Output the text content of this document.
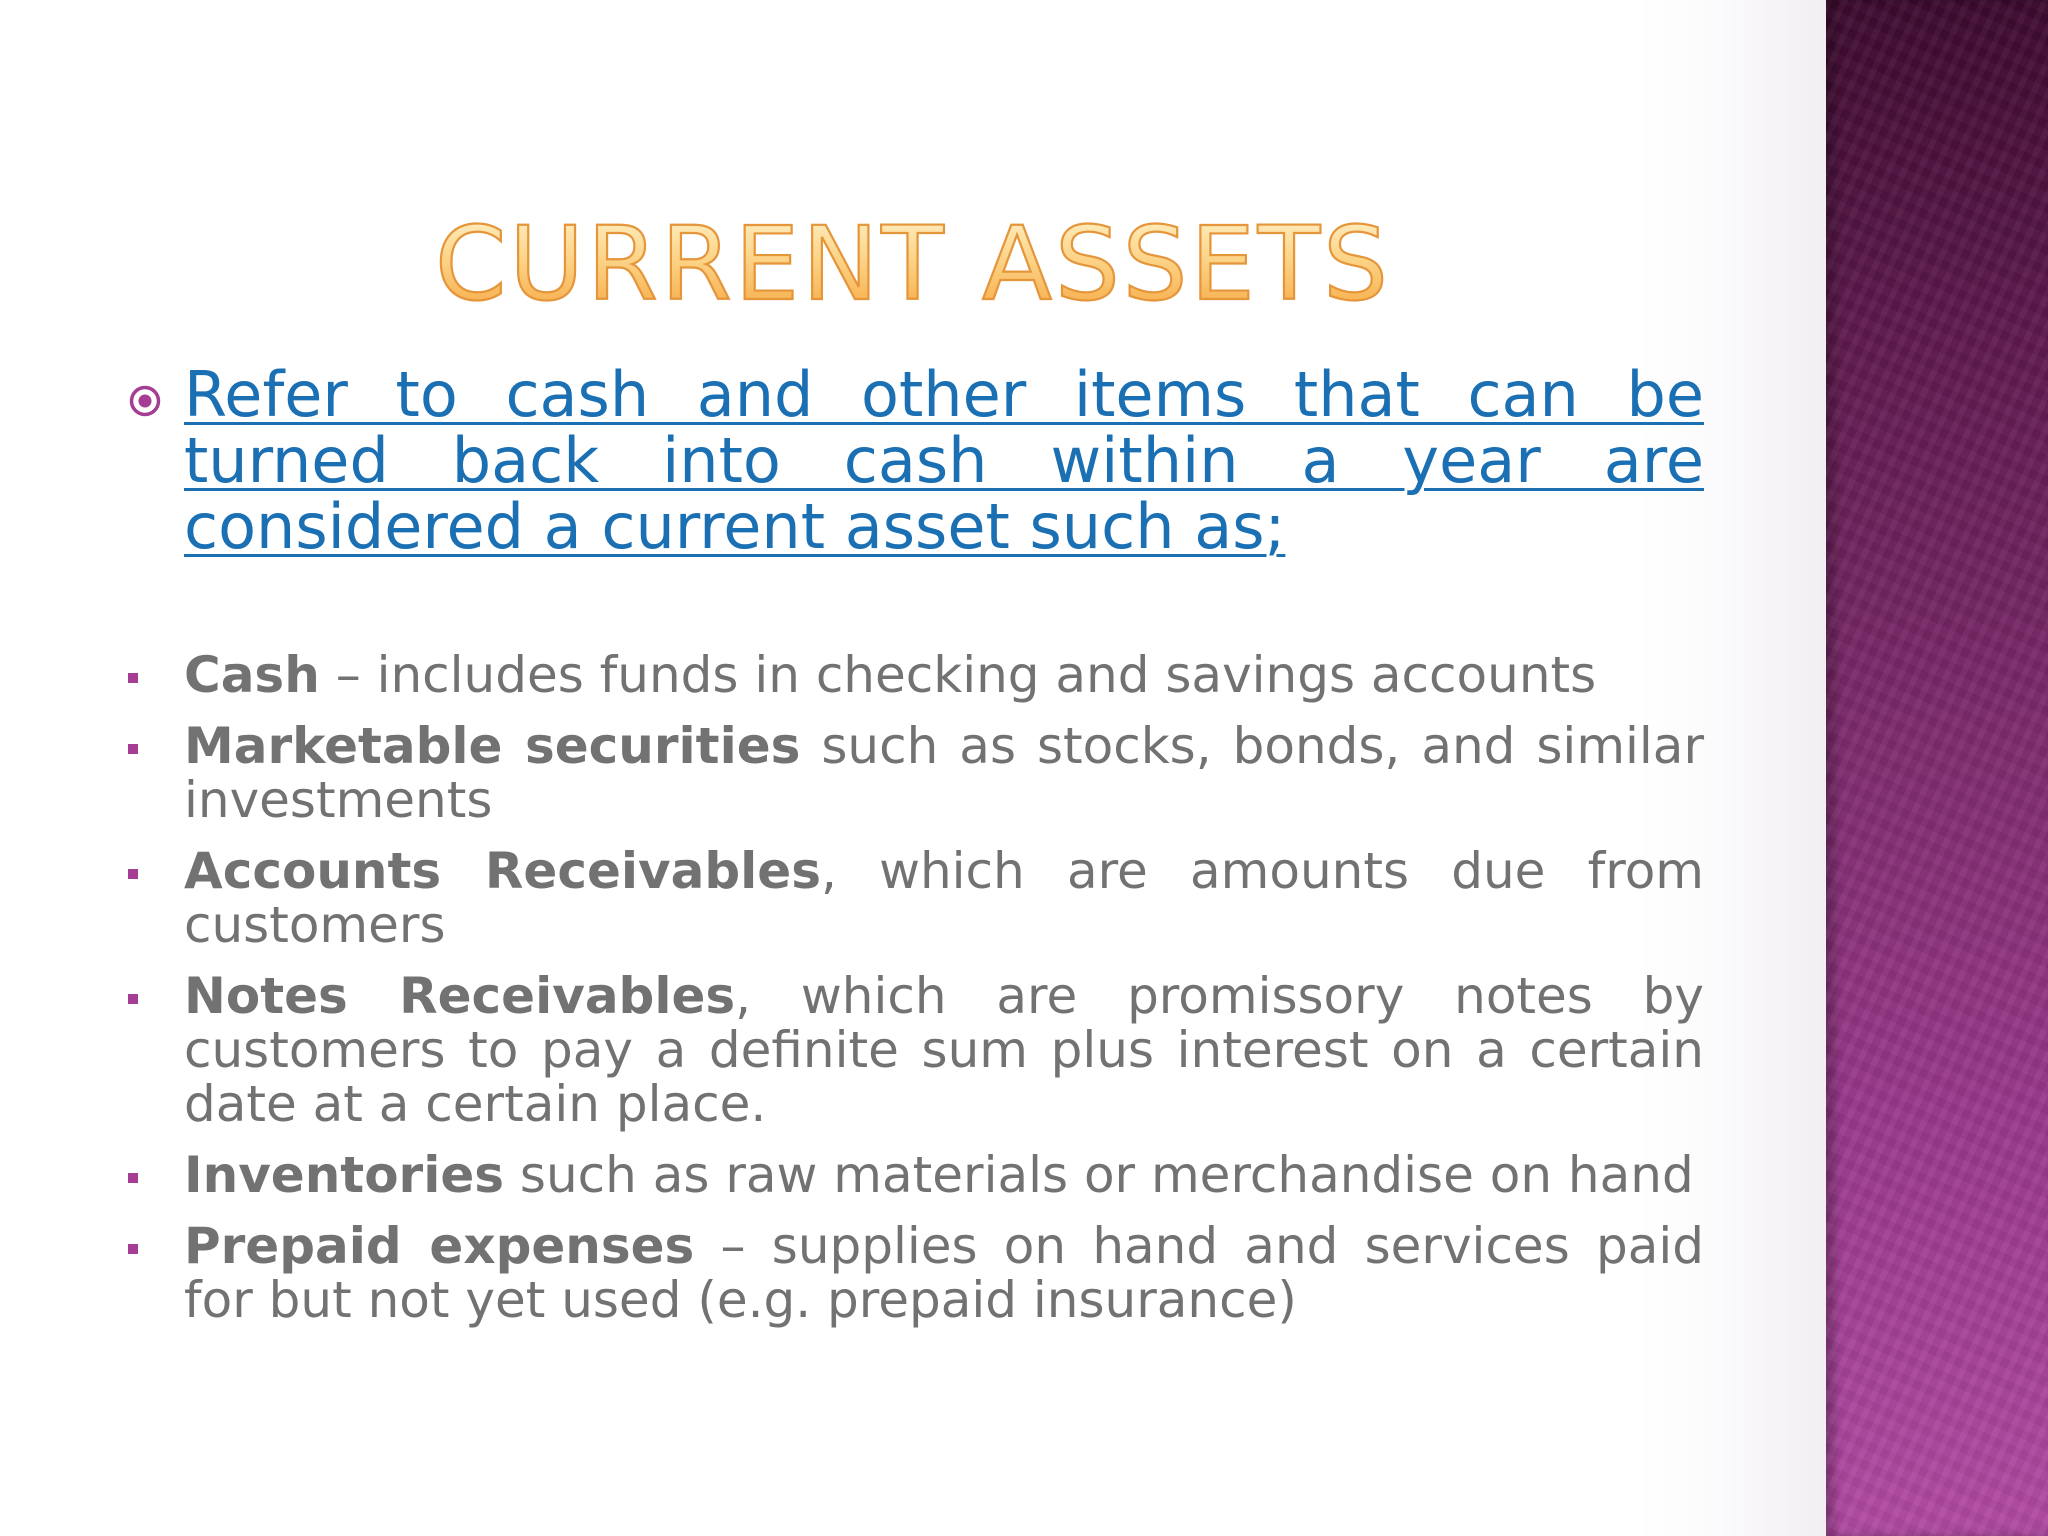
CURRENT ASSETS
Refer to cash and other items that can be turned back into cash within a year are considered a current asset such as;
Cash – includes funds in checking and savings accounts
Marketable securities such as stocks, bonds, and similar investments
Accounts Receivables, which are amounts due from customers
Notes Receivables, which are promissory notes by customers to pay a definite sum plus interest on a certain date at a certain place.
Inventories such as raw materials or merchandise on hand
Prepaid expenses – supplies on hand and services paid for but not yet used (e.g. prepaid insurance)
